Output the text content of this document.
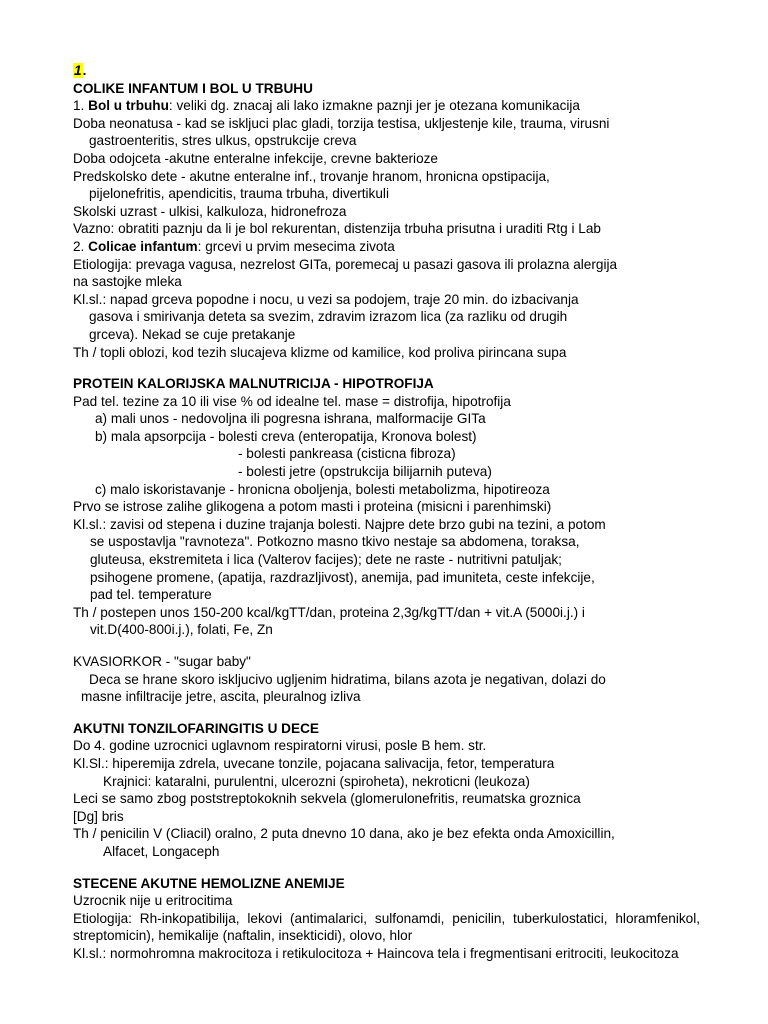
1.
COLIKE INFANTUM I BOL U TRBUHU
1. Bol u trbuhu: veliki dg. znacaj ali lako izmakne paznji jer je otezana komunikacija
Doba neonatusa - kad se iskljuci plac gladi, torzija testisa, ukljestenje kile, trauma, virusni
gastroenteritis, stres ulkus, opstrukcije creva
Doba odojceta -akutne enteralne infekcije, crevne bakterioze
Predskolsko dete - akutne enteralne inf., trovanje hranom, hronicna opstipacija,
pijelonefritis, apendicitis, trauma trbuha, divertikuli
Skolski uzrast - ulkisi, kalkuloza, hidronefroza
Vazno: obratiti paznju da li je bol rekurentan, distenzija trbuha prisutna i uraditi Rtg i Lab
2. Colicae infantum: grcevi u prvim mesecima zivota
Etiologija: prevaga vagusa, nezrelost GITa, poremecaj u pasazi gasova ili prolazna alergija
na sastojke mleka
Kl.sl.: napad grceva popodne i nocu, u vezi sa podojem, traje 20 min. do izbacivanja
gasova i smirivanja deteta sa svezim, zdravim izrazom lica (za razliku od drugih
grceva). Nekad se cuje pretakanje
Th / topli oblozi, kod tezih slucajeva klizme od kamilice, kod proliva pirincana supa
PROTEIN KALORIJSKA MALNUTRICIJA - HIPOTROFIJA
Pad tel. tezine za 10 ili vise % od idealne tel. mase = distrofija, hipotrofija
a) mali unos - nedovoljna ili pogresna ishrana, malformacije GITa
b) mala apsorpcija - bolesti creva (enteropatija, Kronova bolest)
- bolesti pankreasa (cisticna fibroza)
- bolesti jetre (opstrukcija bilijarnih puteva)
c) malo iskoristavanje - hronicna oboljenja, bolesti metabolizma, hipotireoza
Prvo se istrose zalihe glikogena a potom masti i proteina (misicni i parenhimski)
Kl.sl.: zavisi od stepena i duzine trajanja bolesti. Najpre dete brzo gubi na tezini, a potom
se uspostavlja "ravnoteza". Potkozno masno tkivo nestaje sa abdomena, toraksa,
gluteusa, ekstremiteta i lica (Valterov facijes); dete ne raste - nutritivni patuljak;
psihogene promene, (apatija, razdrazljivost), anemija, pad imuniteta, ceste infekcije,
pad tel. temperature
Th / postepen unos 150-200 kcal/kgTT/dan, proteina 2,3g/kgTT/dan + vit.A (5000i.j.) i
vit.D(400-800i.j.), folati, Fe, Zn
KVASIORKOR - "sugar baby"
Deca se hrane skoro iskljucivo ugljenim hidratima, bilans azota je negativan, dolazi do
masne infiltracije jetre, ascita, pleuralnog izliva
AKUTNI TONZILOFARINGITIS U DECE
Do 4. godine uzrocnici uglavnom respiratorni virusi, posle B hem. str.
Kl.Sl.: hiperemija zdrela, uvecane tonzile, pojacana salivacija, fetor, temperatura
Krajnici: kataralni, purulentni, ulcerozni (spiroheta), nekroticni (leukoza)
Leci se samo zbog poststreptokoknih sekvela (glomerulonefritis, reumatska groznica
[Dg] bris
Th / penicilin V (Cliacil) oralno, 2 puta dnevno 10 dana, ako je bez efekta onda Amoxicillin,
Alfacet, Longaceph
STECENE AKUTNE HEMOLIZNE ANEMIJE
Uzrocnik nije u eritrocitima
Etiologija: Rh-inkopatibilija, lekovi (antimalarici, sulfonamdi, penicilin, tuberkulostatici, hloramfenikol, streptomicin), hemikalije (naftalin, insekticidi), olovo, hlor
Kl.sl.: normohromna makrocitoza i retikulocitoza + Haincova tela i fregmentisani eritrociti, leukocitoza
